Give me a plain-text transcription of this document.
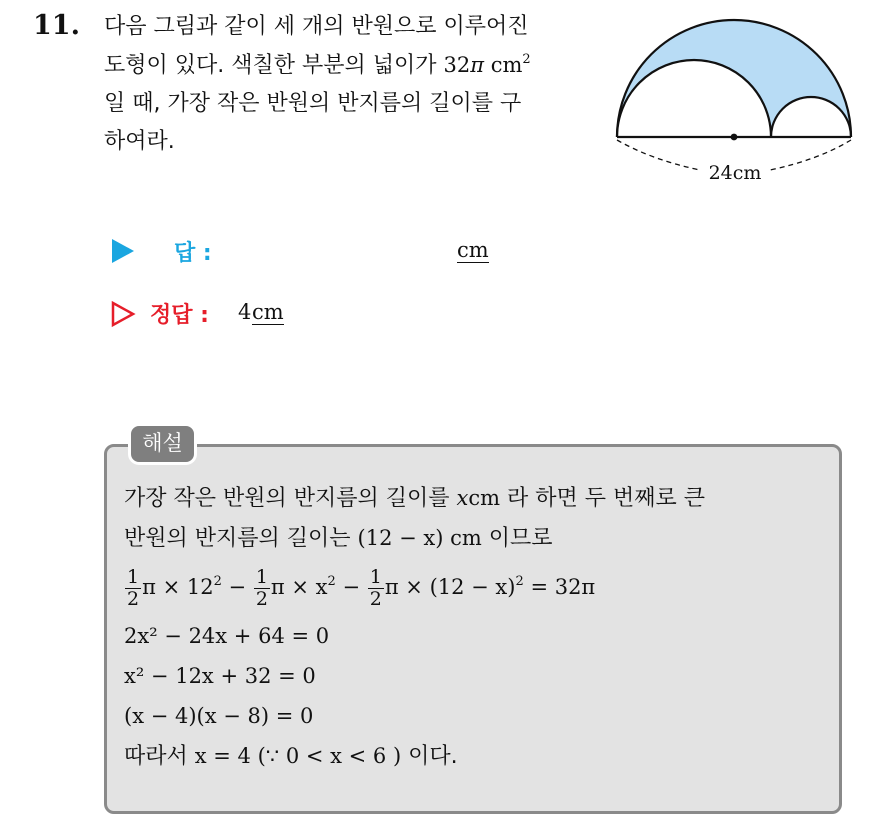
11. 다음 그림과 같이 세 개의 반원으로 이루어진
도형이 있다. 색칠한 부분의 넓이가 32π $cm^2$
일 때, 가장 작은 반원의 반지름의 길이를 구
하여라.
24cm
답 :	cm
정답 : 4 cm
해설
가장 작은 반원의 반지름의 길이를 xcm 라 하면 두 번째로 큰
반원의 반지름의 길이는 (12 − x) cm 이므로
$\frac{1}{2}$ $\pi \times 12^2 - \frac{1}{2}$ $\pi \times x^2 - \frac{1}{2}$ $\pi \times (12 - x)^2 = 32\pi$
2x² − 24x + 64 = 0
x² − 12x + 32 = 0
(x − 4)(x − 8) = 0
따라서 x = 4 (∵ 0 < x < 6 ) 이다.
